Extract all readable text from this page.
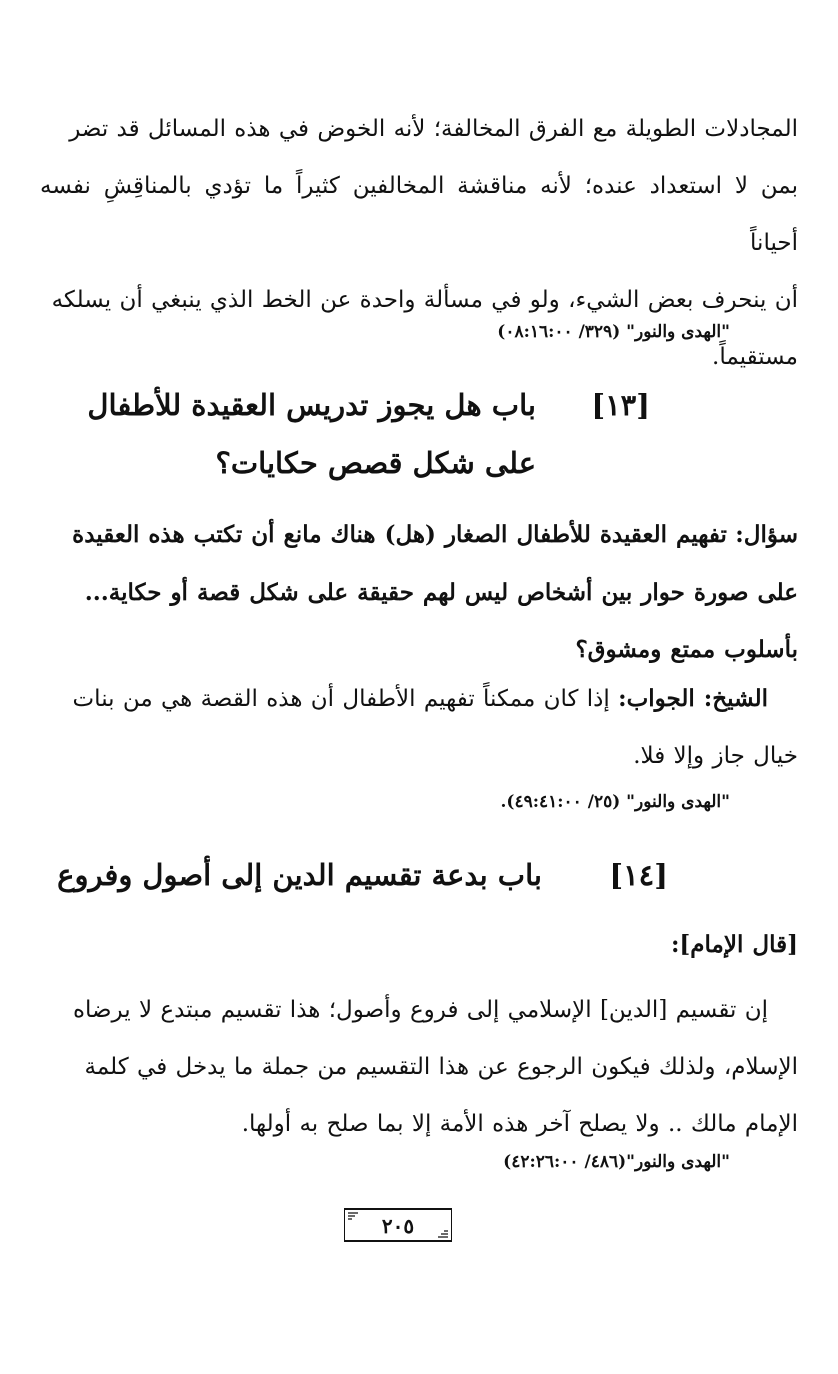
المجادلات الطويلة مع الفرق المخالفة؛ لأنه الخوض في هذه المسائل قد تضر
بمن لا استعداد عنده؛ لأنه مناقشة المخالفين كثيراً ما تؤدي بالمناقِشِ نفسه أحياناً
أن ينحرف بعض الشيء، ولو في مسألة واحدة عن الخط الذي ينبغي أن يسلكه
مستقيماً.
"الهدى والنور" (٣٢٩/ ٠٨:١٦:٠٠)
[١٣]
باب هل يجوز تدريس العقيدة للأطفال
على شكل قصص حكايات؟
سؤال: تفهيم العقيدة للأطفال الصغار (هل) هناك مانع أن تكتب هذه العقيدة
على صورة حوار بين أشخاص ليس لهم حقيقة على شكل قصة أو حكاية...
بأسلوب ممتع ومشوق؟
الشيخ: الجواب: إذا كان ممكناً تفهيم الأطفال أن هذه القصة هي من بنات
خيال جاز وإلا فلا.
"الهدى والنور" (٢٥/ ٤٩:٤١:٠٠).
[١٤]
باب بدعة تقسيم الدين إلى أصول وفروع
[قال الإمام]:
إن تقسيم [الدين] الإسلامي إلى فروع وأصول؛ هذا تقسيم مبتدع لا يرضاه
الإسلام، ولذلك فيكون الرجوع عن هذا التقسيم من جملة ما يدخل في كلمة
الإمام مالك .. ولا يصلح آخر هذه الأمة إلا بما صلح به أولها.
"الهدى والنور"(٤٨٦/ ٤٢:٢٦:٠٠)
٢٠٥
